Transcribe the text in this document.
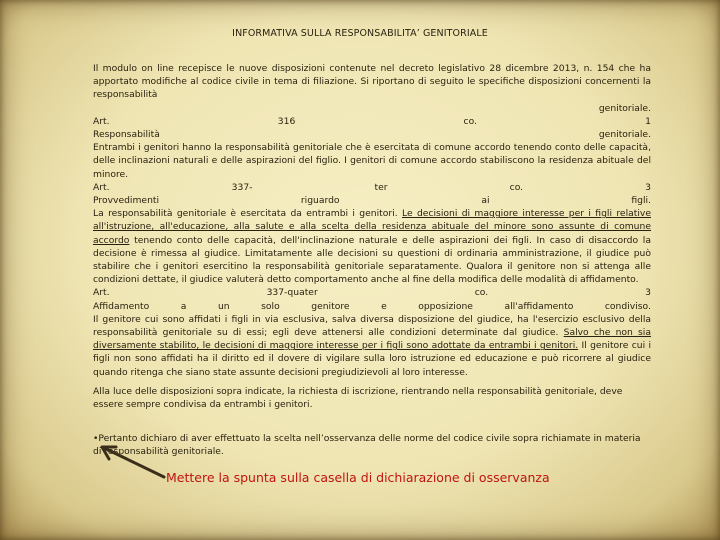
INFORMATIVA SULLA RESPONSABILITA’ GENITORIALE

Il modulo on line recepisce le nuove disposizioni contenute nel decreto legislativo 28 dicembre 2013, n. 154 che ha apportato modifiche al codice civile in tema di filiazione. Si riportano di seguito le specifiche disposizioni concernenti la responsabilità

genitoriale.
Art.	316	co.	1
Responsabilità	genitoriale.

Entrambi i genitori hanno la responsabilità genitoriale che è esercitata di comune accordo tenendo conto delle capacità, delle inclinazioni naturali e delle aspirazioni del figlio. I genitori di comune accordo stabiliscono la residenza abituale del minore.

Art.	337-	ter	co.	3
Provvedimenti	riguardo	ai	figli.

La responsabilità genitoriale è esercitata da entrambi i genitori. Le decisioni di maggiore interesse per i figli relative all'istruzione, all'educazione, alla salute e alla scelta della residenza abituale del minore sono assunte di comune accordo tenendo conto delle capacità, dell'inclinazione naturale e delle aspirazioni dei figli. In caso di disaccordo la decisione è rimessa al giudice. Limitatamente alle decisioni su questioni di ordinaria amministrazione, il giudice può stabilire che i genitori esercitino la responsabilità genitoriale separatamente. Qualora il genitore non si attenga alle condizioni dettate, il giudice valuterà detto comportamento anche al fine della modifica delle modalità di affidamento.

Art.	337-quater	co.	3
Affidamento	a	un	solo	genitore	e	opposizione	all'affidamento	condiviso.

Il genitore cui sono affidati i figli in via esclusiva, salva diversa disposizione del giudice, ha l'esercizio esclusivo della responsabilità genitoriale su di essi; egli deve attenersi alle condizioni determinate dal giudice. Salvo che non sia diversamente stabilito, le decisioni di maggiore interesse per i figli sono adottate da entrambi i genitori. Il genitore cui i figli non sono affidati ha il diritto ed il dovere di vigilare sulla loro istruzione ed educazione e può ricorrere al giudice quando ritenga che siano state assunte decisioni pregiudizievoli al loro interesse.

Alla luce delle disposizioni sopra indicate, la richiesta di iscrizione, rientrando nella responsabilità genitoriale, deve essere sempre condivisa da entrambi i genitori.

•Pertanto dichiaro di aver effettuato la scelta nell’osservanza delle norme del codice civile sopra richiamate in materia di responsabilità genitoriale.

Mettere la spunta sulla casella di dichiarazione di osservanza
